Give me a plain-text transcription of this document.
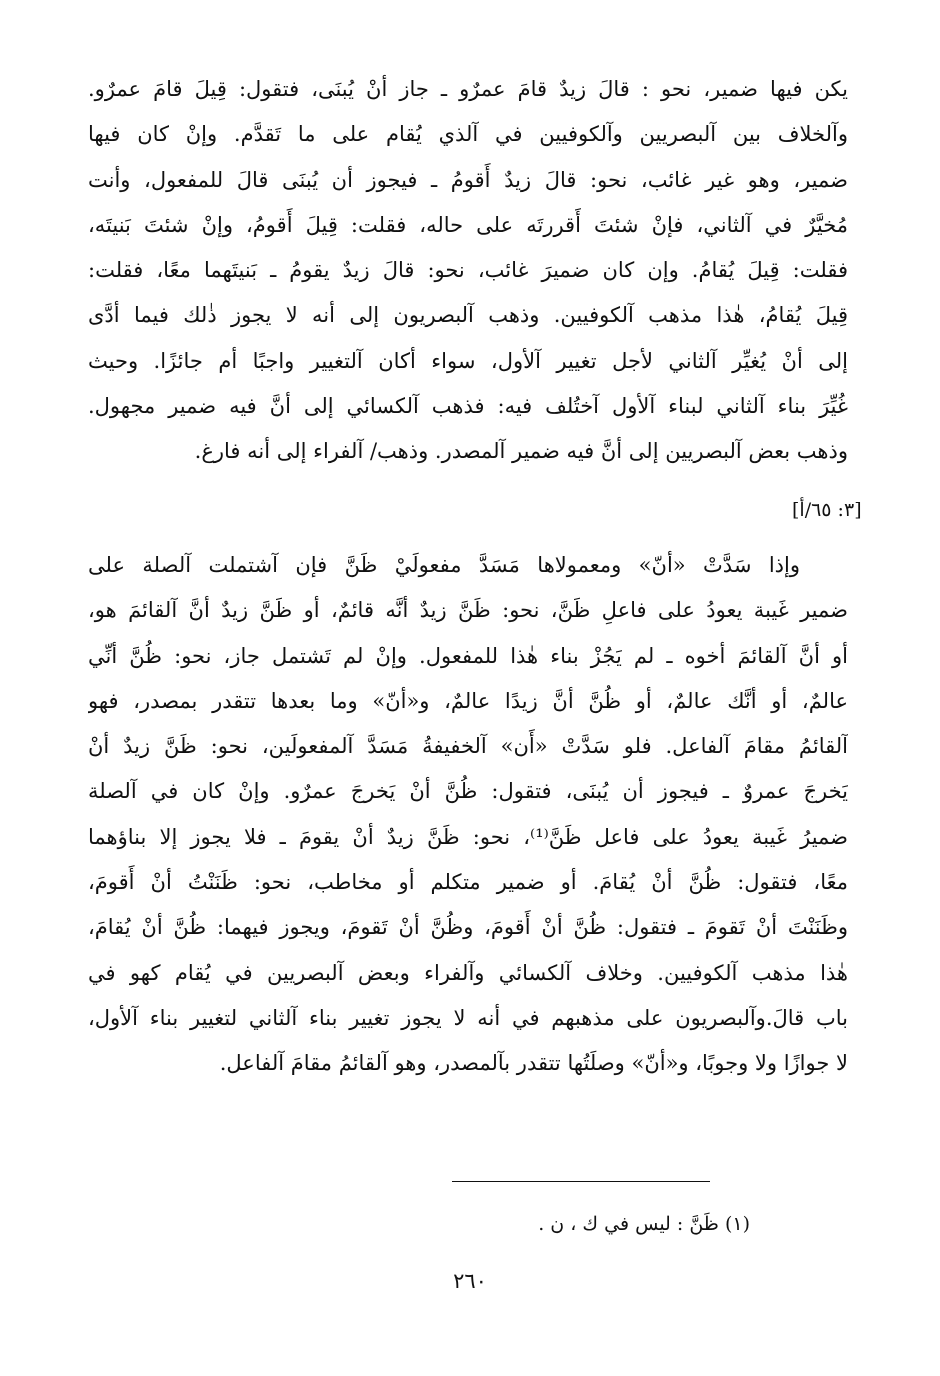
يكن فيها ضمير، نحو : قالَ زيدٌ قامَ عمرٌو ـ جاز أنْ يُبنَى، فتقول: قِيلَ قامَ عمرٌو.
وآلخلاف بين آلبصريين وآلكوفيين في آلذي يُقام على ما تَقدَّم. وإنْ كان فيها
ضمير، وهو غير غائب، نحو: قالَ زيدٌ أَقومُ ـ فيجوز أن يُبنَى قالَ للمفعول، وأنت
مُخيَّرٌ في آلثاني، فإنْ شئتَ أَقررتَه على حاله، فقلت: قِيلَ أَقومُ، وإنْ شئتَ بَنيتَه،
فقلت: قِيلَ يُقامُ. وإن كان ضميرَ غائب، نحو: قالَ زيدٌ يقومُ ـ بَنيتَهما معًا، فقلت:
قِيلَ يُقامُ، هٰذا مذهب آلكوفيين. وذهب آلبصريون إلى أنه لا يجوز ذٰلك فيما أدَّى
إلى أنْ يُغيِّر آلثاني لأجل تغيير آلأول، سواء أكان آلتغيير واجبًا أم جائزًا. وحيث
غُيِّرَ بناء آلثاني لبناء آلأول آختُلف فيه: فذهب آلكسائي إلى أنَّ فيه ضمير مجهول.
وذهب بعض آلبصريين إلى أنَّ فيه ضمير آلمصدر. وذهب/ آلفراء إلى أنه فارغ.
[٣: ٦٥/أ]
وإذا سَدَّتْ «أنّ» ومعمولاها مَسَدَّ مفعولَيْ ظَنَّ فإن آشتملت آلصلة على
ضمير غَيبة يعودُ على فاعلِ ظَنَّ، نحو: ظَنَّ زيدٌ أنَّه قائمٌ، أو ظَنَّ زيدٌ أنَّ آلقائمَ هو،
أو أنَّ آلقائمَ أخوه ـ لم يَجُزْ بناء هٰذا للمفعول. وإنْ لم تَشتمل جاز، نحو: ظُنَّ أنِّي
عالمٌ، أو أنَّك عالمٌ، أو ظُنَّ أنَّ زيدًا عالمٌ، و«أنّ» وما بعدها تتقدر بمصدر، فهو
آلقائمُ مقامَ آلفاعل. فلو سَدَّتْ «أَن» آلخفيفةُ مَسَدَّ آلمفعولَين، نحو: ظَنَّ زيدٌ أنْ
يَخرجَ عمروٌ ـ فيجوز أن يُبنَى، فتقول: ظُنَّ أنْ يَخرجَ عمرٌو. وإنْ كان في آلصلة
ضميرُ غَيبة يعودُ على فاعل ظَنَّ⁽¹⁾، نحو: ظَنَّ زيدٌ أنْ يقومَ ـ فلا يجوز إلا بناؤهما
معًا، فتقول: ظُنَّ أنْ يُقامَ. أو ضمير متكلم أو مخاطب، نحو: ظَنَنْتُ أنْ أَقومَ،
وظَنَنْتَ أنْ تَقومَ ـ فتقول: ظُنَّ أنْ أَقومَ، وظُنَّ أنْ تَقومَ، ويجوز فيهما: ظُنَّ أنْ يُقامَ،
هٰذا مذهب آلكوفيين. وخلاف آلكسائي وآلفراء وبعض آلبصريين في يُقام كهو في
باب قالَ.وآلبصريون على مذهبهم في أنه لا يجوز تغيير بناء آلثاني لتغيير بناء آلأول،
لا جوازًا ولا وجوبًا، و«أنّ» وصلَتُها تتقدر بآلمصدر، وهو آلقائمُ مقامَ آلفاعل.
(١) ظَنَّ : ليس في ك ، ن .
٢٦٠
